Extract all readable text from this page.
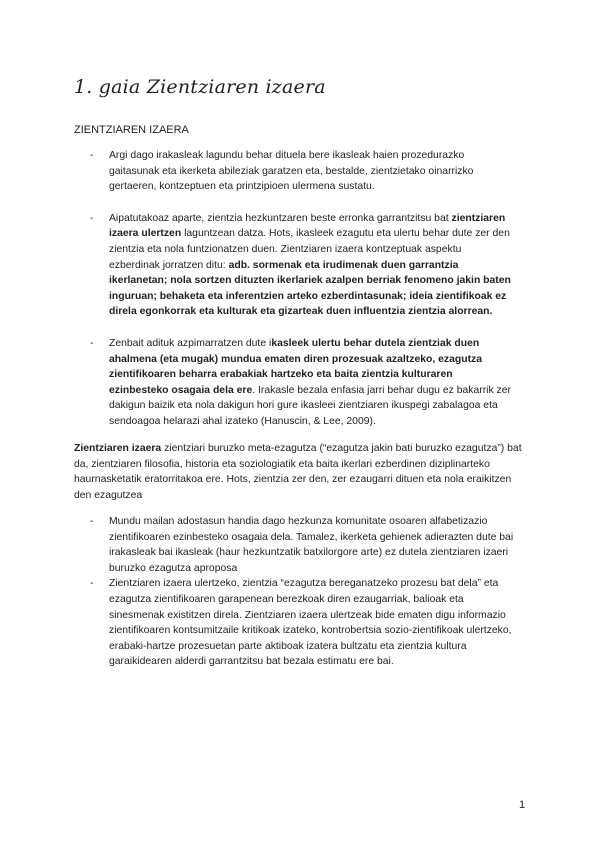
1. gaia Zientziaren izaera
ZIENTZIAREN IZAERA
- Argi dago irakasleak lagundu behar dituela bere ikasleak haien prozedurazko gaitasunak eta ikerketa abileziak garatzen eta, bestalde, zientzietako oinarrizko gertaeren, kontzeptuen eta printzipioen ulermena sustatu.
- Aipatutakoaz aparte, zientzia hezkuntzaren beste erronka garrantzitsu bat zientziaren izaera ulertzen laguntzean datza. Hots, ikasleek ezagutu eta ulertu behar dute zer den zientzia eta nola funtzionatzen duen. Zientziaren izaera kontzeptuak aspektu ezberdinak jorratzen ditu: adb. sormenak eta irudimenak duen garrantzia ikerlanetan; nola sortzen dituzten ikerlariek azalpen berriak fenomeno jakin baten inguruan; behaketa eta inferentzien arteko ezberdintasunak; ideia zientifikoak ez direla egonkorrak eta kulturak eta gizarteak duen influentzia zientzia alorrean.
- Zenbait adituk azpimarratzen dute ikasleek ulertu behar dutela zientziak duen ahalmena (eta mugak) mundua ematen diren prozesuak azaltzeko, ezagutza zientifikoaren beharra erabakiak hartzeko eta baita zientzia kulturaren ezinbesteko osagaia dela ere. Irakasle bezala enfasia jarri behar dugu ez bakarrik zer dakigun baizik eta nola dakigun hori gure ikasleei zientziaren ikuspegi zabalagoa eta sendoagoa helarazi ahal izateko (Hanuscin, & Lee, 2009).

Zientziaren izaera zientziari buruzko meta-ezagutza (“ezagutza jakin bati buruzko ezagutza”) bat da, zientziaren filosofia, historia eta soziologiatik eta baita ikerlari ezberdinen diziplinarteko haurnasketatik eratorritakoa ere. Hots, zientzia zer den, zer ezaugarri dituen eta nola eraikitzen den ezagutzea

- Mundu mailan adostasun handia dago hezkunza komunitate osoaren alfabetizazio zientifikoaren ezinbesteko osagaia dela. Tamalez, ikerketa gehienek adierazten dute bai irakasleak bai ikasleak (haur hezkuntzatik batxilorgore arte) ez dutela zientziaren izaeri buruzko ezagutza aproposa
- Zientziaren izaera ulertzeko, zientzia “ezagutza bereganatzeko prozesu bat dela” eta ezagutza zientifikoaren garapenean berezkoak diren ezaugarriak, balioak eta sinesmenak existitzen direla. Zientziaren izaera ulertzeak bide ematen digu informazio zientifikoaren kontsumitzaile kritikoak izateko, kontrobertsia sozio-zientifikoak ulertzeko, erabaki-hartze prozesuetan parte aktiboak izatera bultzatu eta zientzia kultura garaikidearen alderdi garrantzitsu bat bezala estimatu ere bai.
1
